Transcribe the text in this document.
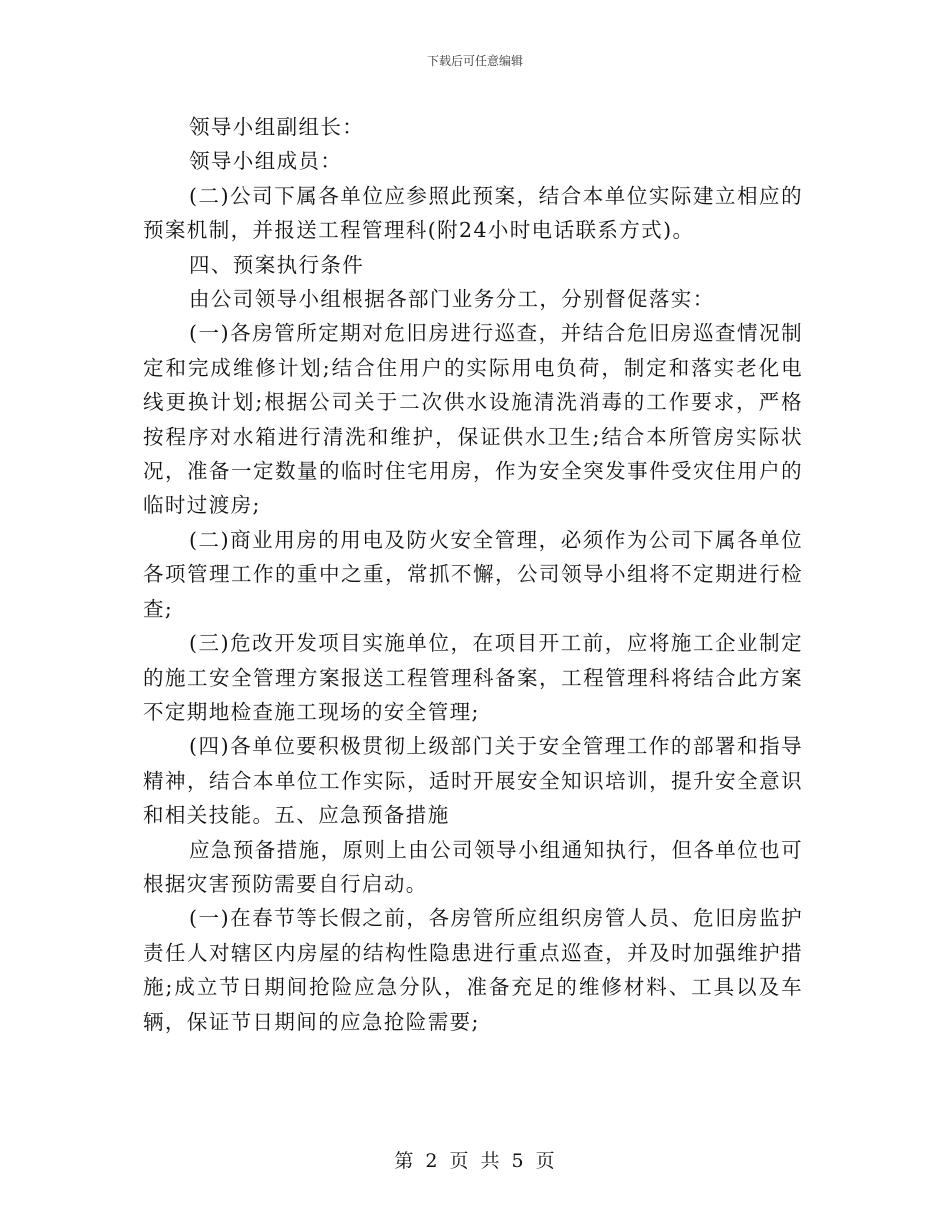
下载后可任意编辑

领导小组副组长：

领导小组成员：

(二)公司下属各单位应参照此预案，结合本单位实际建立相应的预案机制，并报送工程管理科(附24小时电话联系方式)。

四、预案执行条件

由公司领导小组根据各部门业务分工，分别督促落实：

(一)各房管所定期对危旧房进行巡查，并结合危旧房巡查情况制定和完成维修计划;结合住用户的实际用电负荷，制定和落实老化电线更换计划;根据公司关于二次供水设施清洗消毒的工作要求，严格按程序对水箱进行清洗和维护，保证供水卫生;结合本所管房实际状况，准备一定数量的临时住宅用房，作为安全突发事件受灾住用户的临时过渡房;

(二)商业用房的用电及防火安全管理，必须作为公司下属各单位各项管理工作的重中之重，常抓不懈，公司领导小组将不定期进行检查;

(三)危改开发项目实施单位，在项目开工前，应将施工企业制定的施工安全管理方案报送工程管理科备案，工程管理科将结合此方案不定期地检查施工现场的安全管理;

(四)各单位要积极贯彻上级部门关于安全管理工作的部署和指导精神，结合本单位工作实际，适时开展安全知识培训，提升安全意识和相关技能。五、应急预备措施

应急预备措施，原则上由公司领导小组通知执行，但各单位也可根据灾害预防需要自行启动。

(一)在春节等长假之前，各房管所应组织房管人员、危旧房监护责任人对辖区内房屋的结构性隐患进行重点巡查，并及时加强维护措施;成立节日期间抢险应急分队，准备充足的维修材料、工具以及车辆，保证节日期间的应急抢险需要;

第 2 页 共 5 页
